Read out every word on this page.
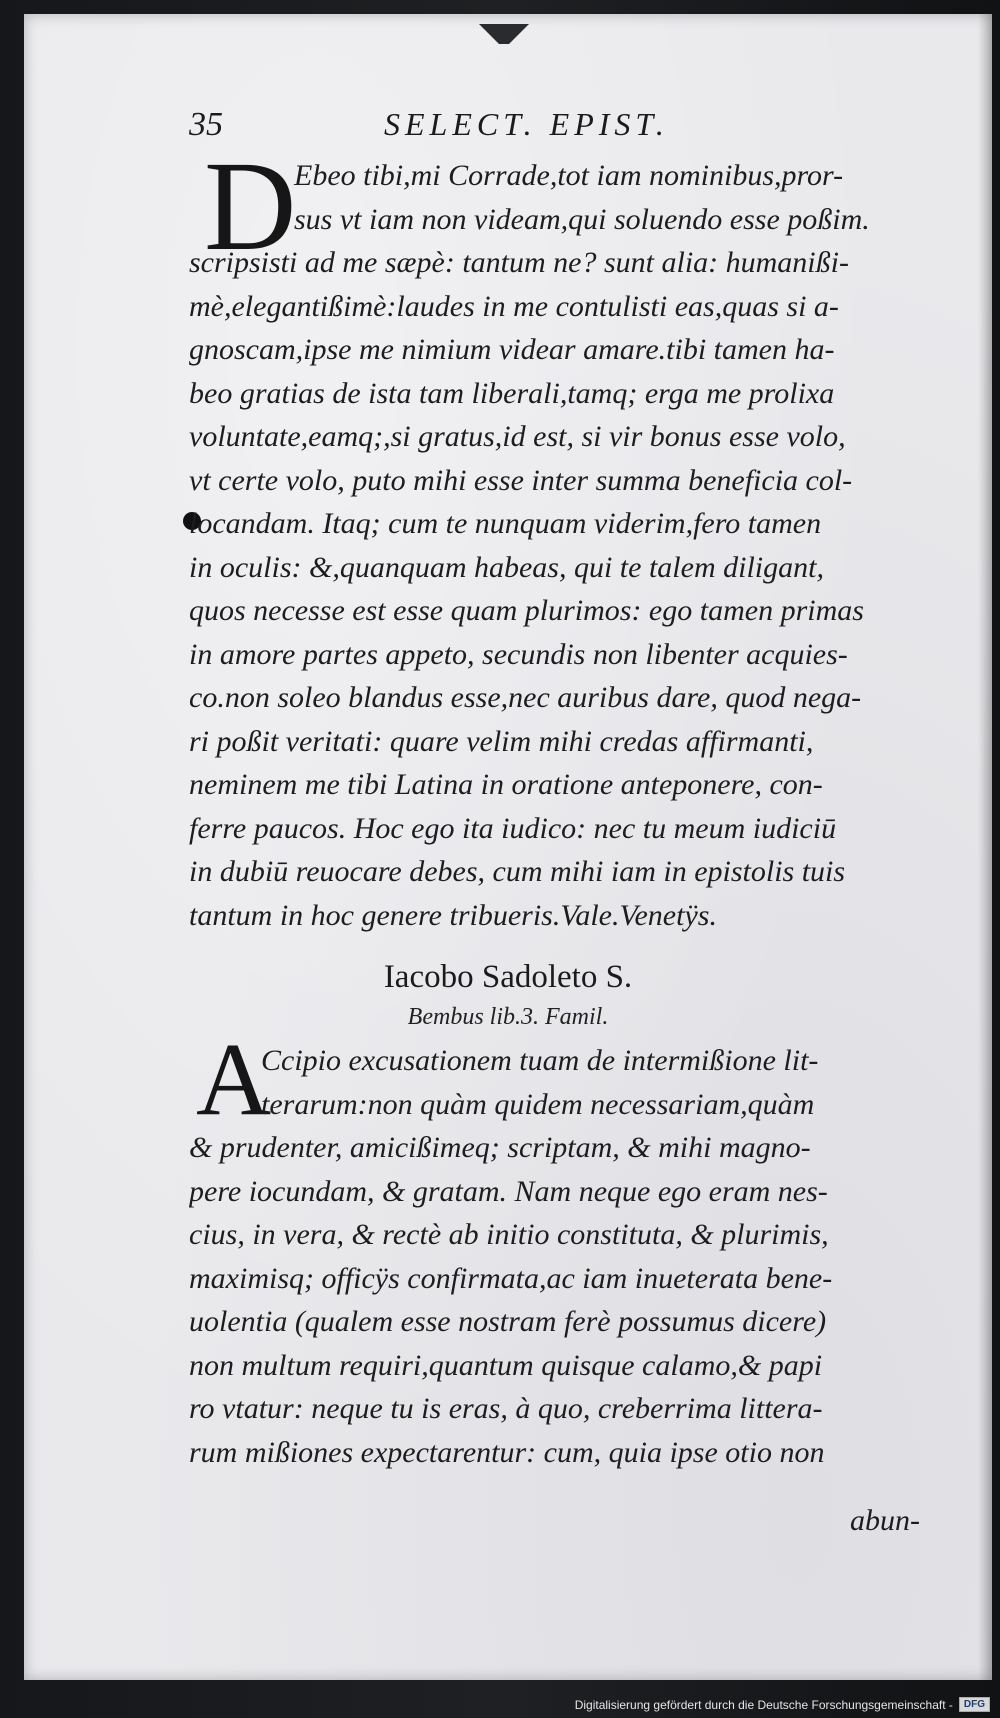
35	SELECT. EPIST.
D
Ebeo tibi,mi Corrade,tot iam nominibus,pror-
sus vt iam non videam,qui soluendo esse poßim.
scripsisti ad me sæpè: tantum ne? sunt alia: humanißi-
mè,elegantißimè:laudes in me contulisti eas,quas si a-
gnoscam,ipse me nimium videar amare.tibi tamen ha-
beo gratias de ista tam liberali,tamq; erga me prolixa
voluntate,eamq;,si gratus,id est, si vir bonus esse volo,
vt certe volo, puto mihi esse inter summa beneficia col-
locandam. Itaq; cum te nunquam viderim,fero tamen
in oculis: &,quanquam habeas, qui te talem diligant,
quos necesse est esse quam plurimos: ego tamen primas
in amore partes appeto, secundis non libenter acquies-
co.non soleo blandus esse,nec auribus dare, quod nega-
ri poßit veritati: quare velim mihi credas affirmanti,
neminem me tibi Latina in oratione anteponere, con-
ferre paucos. Hoc ego ita iudico: nec tu meum iudiciū
in dubiū reuocare debes, cum mihi iam in epistolis tuis
tantum in hoc genere tribueris.Vale.Venetÿs.
Iacobo Sadoleto S.
Bembus lib.3. Famil.
A
Ccipio excusationem tuam de intermißione lit-
terarum:non quàm quidem necessariam,quàm
& prudenter, amicißimeq; scriptam, & mihi magno-
pere iocundam, & gratam. Nam neque ego eram nes-
cius, in vera, & rectè ab initio constituta, & plurimis,
maximisq; officÿs confirmata,ac iam inueterata bene-
uolentia (qualem esse nostram ferè possumus dicere)
non multum requiri,quantum quisque calamo,& papi
ro vtatur: neque tu is eras, à quo, creberrima littera-
rum mißiones expectarentur: cum, quia ipse otio non
abun-
Digitalisierung gefördert durch die Deutsche Forschungsgemeinschaft -	DFG
